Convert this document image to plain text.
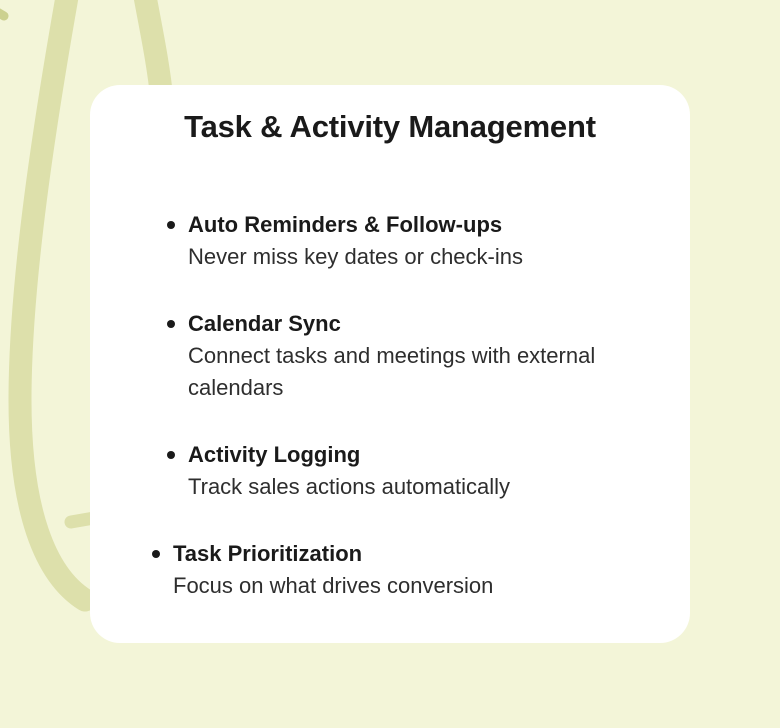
Task & Activity Management
Auto Reminders & Follow-ups
Never miss key dates or check-ins
Calendar Sync
Connect tasks and meetings with external calendars
Activity Logging
Track sales actions automatically
Task Prioritization
Focus on what drives conversion
